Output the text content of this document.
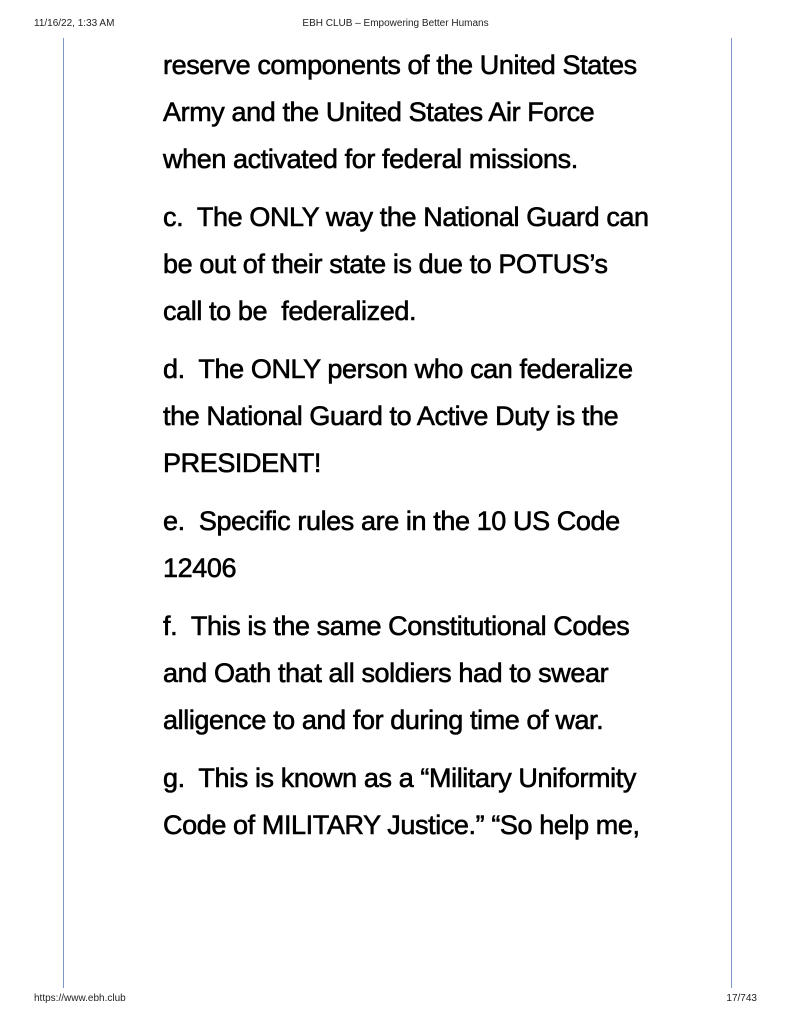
EBH CLUB – Empowering Better Humans
11/16/22, 1:33 AM

reserve components of the United States
Army and the United States Air Force
when activated for federal missions.

c.  The ONLY way the National Guard can
be out of their state is due to POTUS’s
call to be  federalized.

d.  The ONLY person who can federalize
the National Guard to Active Duty is the
PRESIDENT!

e.  Specific rules are in the 10 US Code
12406

f.  This is the same Constitutional Codes
and Oath that all soldiers had to swear
alligence to and for during time of war.

g.  This is known as a “Military Uniformity
Code of MILITARY Justice.” “So help me,

https://www.ebh.club	17/743
